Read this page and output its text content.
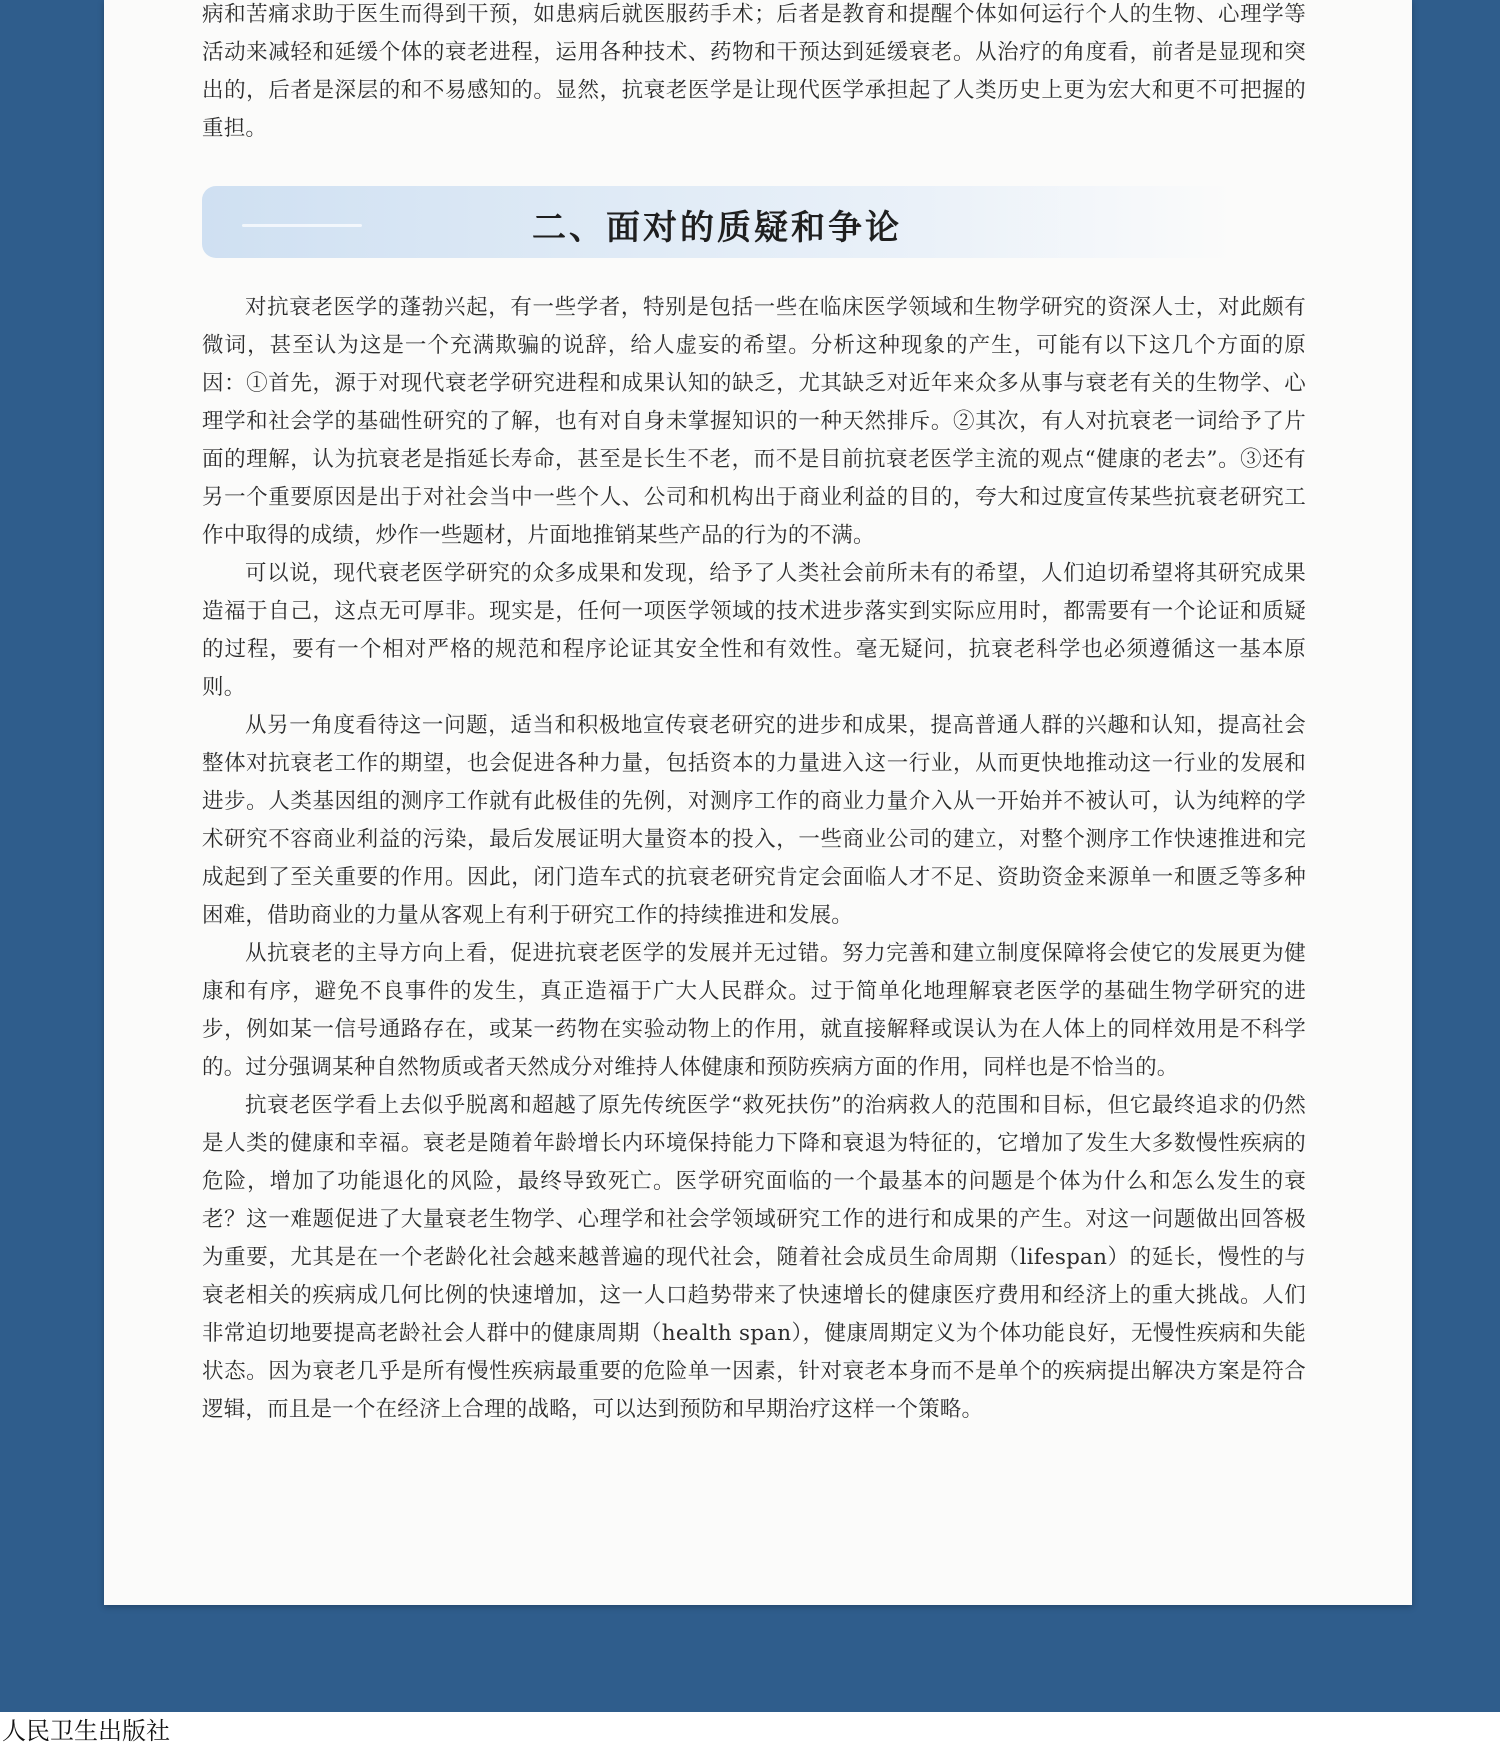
病和苦痛求助于医生而得到干预，如患病后就医服药手术；后者是教育和提醒个体如何运行个人的生物、心理学等活动来减轻和延缓个体的衰老进程，运用各种技术、药物和干预达到延缓衰老。从治疗的角度看，前者是显现和突出的，后者是深层的和不易感知的。显然，抗衰老医学是让现代医学承担起了人类历史上更为宏大和更不可把握的重担。

二、面对的质疑和争论

对抗衰老医学的蓬勃兴起，有一些学者，特别是包括一些在临床医学领域和生物学研究的资深人士，对此颇有微词，甚至认为这是一个充满欺骗的说辞，给人虚妄的希望。分析这种现象的产生，可能有以下这几个方面的原因：①首先，源于对现代衰老学研究进程和成果认知的缺乏，尤其缺乏对近年来众多从事与衰老有关的生物学、心理学和社会学的基础性研究的了解，也有对自身未掌握知识的一种天然排斥。②其次，有人对抗衰老一词给予了片面的理解，认为抗衰老是指延长寿命，甚至是长生不老，而不是目前抗衰老医学主流的观点“健康的老去”。③还有另一个重要原因是出于对社会当中一些个人、公司和机构出于商业利益的目的，夸大和过度宣传某些抗衰老研究工作中取得的成绩，炒作一些题材，片面地推销某些产品的行为的不满。

可以说，现代衰老医学研究的众多成果和发现，给予了人类社会前所未有的希望，人们迫切希望将其研究成果造福于自己，这点无可厚非。现实是，任何一项医学领域的技术进步落实到实际应用时，都需要有一个论证和质疑的过程，要有一个相对严格的规范和程序论证其安全性和有效性。毫无疑问，抗衰老科学也必须遵循这一基本原则。

从另一角度看待这一问题，适当和积极地宣传衰老研究的进步和成果，提高普通人群的兴趣和认知，提高社会整体对抗衰老工作的期望，也会促进各种力量，包括资本的力量进入这一行业，从而更快地推动这一行业的发展和进步。人类基因组的测序工作就有此极佳的先例，对测序工作的商业力量介入从一开始并不被认可，认为纯粹的学术研究不容商业利益的污染，最后发展证明大量资本的投入，一些商业公司的建立，对整个测序工作快速推进和完成起到了至关重要的作用。因此，闭门造车式的抗衰老研究肯定会面临人才不足、资助资金来源单一和匮乏等多种困难，借助商业的力量从客观上有利于研究工作的持续推进和发展。

从抗衰老的主导方向上看，促进抗衰老医学的发展并无过错。努力完善和建立制度保障将会使它的发展更为健康和有序，避免不良事件的发生，真正造福于广大人民群众。过于简单化地理解衰老医学的基础生物学研究的进步，例如某一信号通路存在，或某一药物在实验动物上的作用，就直接解释或误认为在人体上的同样效用是不科学的。过分强调某种自然物质或者天然成分对维持人体健康和预防疾病方面的作用，同样也是不恰当的。

抗衰老医学看上去似乎脱离和超越了原先传统医学“救死扶伤”的治病救人的范围和目标，但它最终追求的仍然是人类的健康和幸福。衰老是随着年龄增长内环境保持能力下降和衰退为特征的，它增加了发生大多数慢性疾病的危险，增加了功能退化的风险，最终导致死亡。医学研究面临的一个最基本的问题是个体为什么和怎么发生的衰老？这一难题促进了大量衰老生物学、心理学和社会学领域研究工作的进行和成果的产生。对这一问题做出回答极为重要，尤其是在一个老龄化社会越来越普遍的现代社会，随着社会成员生命周期（lifespan）的延长，慢性的与衰老相关的疾病成几何比例的快速增加，这一人口趋势带来了快速增长的健康医疗费用和经济上的重大挑战。人们非常迫切地要提高老龄社会人群中的健康周期（health span），健康周期定义为个体功能良好，无慢性疾病和失能状态。因为衰老几乎是所有慢性疾病最重要的危险单一因素，针对衰老本身而不是单个的疾病提出解决方案是符合逻辑，而且是一个在经济上合理的战略，可以达到预防和早期治疗这样一个策略。

人民卫生出版社
